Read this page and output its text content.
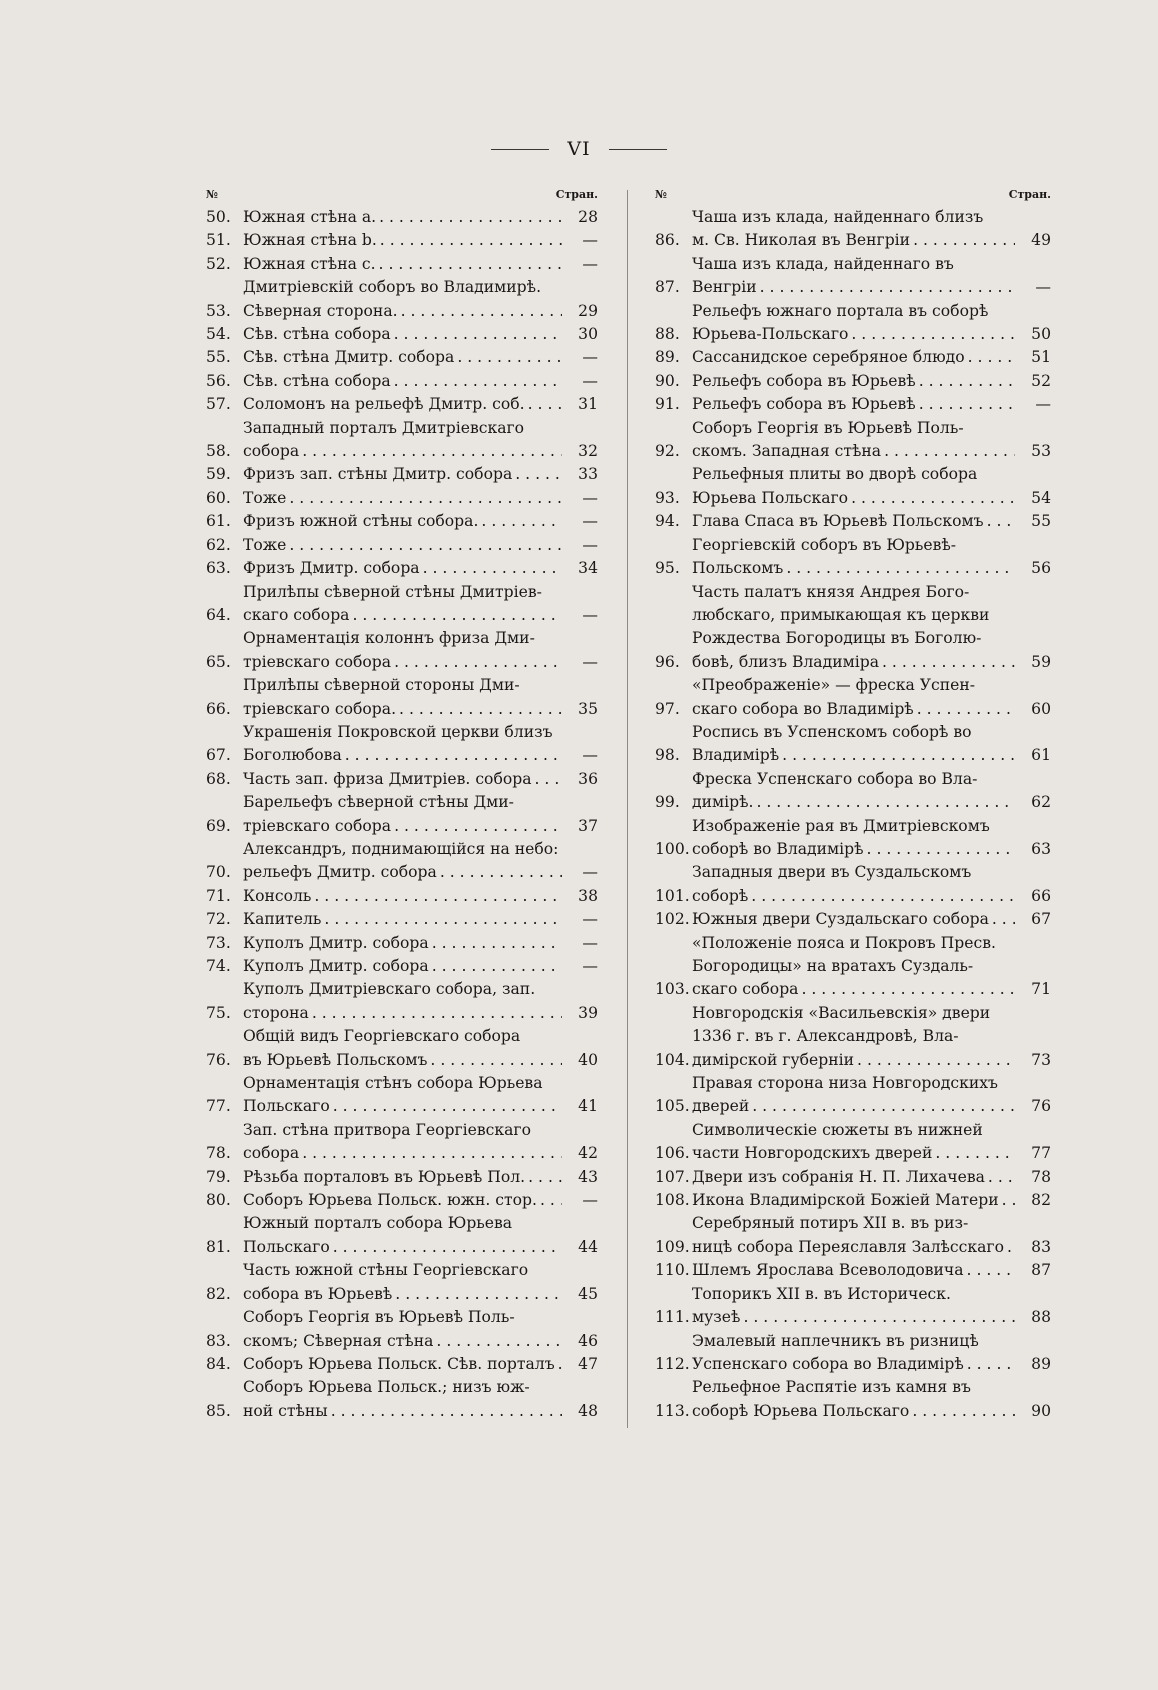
VI
№	Стран.
50. Южная стѣна a. . . .	28
51. Южная стѣна b. . . .	—
52. Южная стѣна c. . . .	—
53.
Дмитріевскій соборъ во Владимирѣ.
Сѣверная сторона. . . .	29
54. Сѣв. стѣна собора . . .	30
55. Сѣв. стѣна Дмитр. собора . . .	—
56. Сѣв. стѣна собора . . .	—
57. Соломонъ на рельефѣ Дмитр. соб. . . .	31
58.
Западный порталъ Дмитріевскаго
собора . . .	32
59. Фризъ зап. стѣны Дмитр. собора . . .	33
60. Тоже . . .	—
61. Фризъ южной стѣны собора. . . .	—
62. Тоже . . .	—
63. Фризъ Дмитр. собора . . .	34
64.
Прилѣпы сѣверной стѣны Дмитріев-
скаго собора . . .	—
65.
Орнаментація колоннъ фриза Дми-
тріевскаго собора . . .	—
66.
Прилѣпы сѣверной стороны Дми-
тріевскаго собора. . . .	35
67.
Украшенія Покровской церкви близъ
Боголюбова . . .	—
68. Часть зап. фриза Дмитріев. собора . . .	36
69.
Барельефъ сѣверной стѣны Дми-
тріевскаго собора . . .	37
70.
Александръ, поднимающійся на небо:
рельефъ Дмитр. собора . . .	—
71. Консоль . . .	38
72. Капитель . . .	—
73. Куполъ Дмитр. собора . . .	—
74. Куполъ Дмитр. собора . . .	—
75.
Куполъ Дмитріевскаго собора, зап.
сторона . . .	39
76.
Общій видъ Георгіевскаго собора
въ Юрьевѣ Польскомъ . . .	40
77.
Орнаментація стѣнъ собора Юрьева
Польскаго . . .	41
78.
Зап. стѣна притвора Георгіевскаго
собора . . .	42
79. Рѣзьба порталовъ въ Юрьевѣ Пол. . . .	43
80. Соборъ Юрьева Польск. южн. стор. . . .	—
81.
Южный порталъ собора Юрьева
Польскаго . . .	44
82.
Часть южной стѣны Георгіевскаго
собора въ Юрьевѣ . . .	45
83.
Соборъ Георгія въ Юрьевѣ Поль-
скомъ; Сѣверная стѣна . . .	46
84. Соборъ Юрьева Польск. Сѣв. порталъ . . .	47
85.
Соборъ Юрьева Польск.; низъ юж-
ной стѣны . . .	48
№	Стран.
86.
Чаша изъ клада, найденнаго близъ
м. Св. Николая въ Венгріи . . .	49
87.
Чаша изъ клада, найденнаго въ
Венгріи . . .	—
88.
Рельефъ южнаго портала въ соборѣ
Юрьева-Польскаго . . .	50
89. Сассанидское серебряное блюдо . . .	51
90. Рельефъ собора въ Юрьевѣ . . .	52
91. Рельефъ собора въ Юрьевѣ . . .	—
92.
Соборъ Георгія въ Юрьевѣ Поль-
скомъ. Западная стѣна . . .	53
93.
Рельефныя плиты во дворѣ собора
Юрьева Польскаго . . .	54
94. Глава Спаса въ Юрьевѣ Польскомъ . . .	55
95.
Георгіевскій соборъ въ Юрьевѣ-
Польскомъ . . .	56
96.
Часть палатъ князя Андрея Бого-
любскаго, примыкающая къ церкви
Рождества Богородицы въ Боголю-
бовѣ, близъ Владиміра . . .	59
97.
«Преображеніе» — фреска Успен-
скаго собора во Владимірѣ . . .	60
98.
Роспись въ Успенскомъ соборѣ во
Владимірѣ . . .	61
99.
Фреска Успенскаго собора во Вла-
димірѣ. . . .	62
100.
Изображеніе рая въ Дмитріевскомъ
соборѣ во Владимірѣ . . .	63
101.
Западныя двери въ Суздальскомъ
соборѣ . . .	66
102. Южныя двери Суздальскаго собора . . .	67
103.
«Положеніе пояса и Покровъ Пресв.
Богородицы» на вратахъ Суздаль-
скаго собора . . .	71
104.
Новгородскія «Васильевскія» двери
1336 г. въ г. Александровѣ, Вла-
димірской губерніи . . .	73
105.
Правая сторона низа Новгородскихъ
дверей . . .	76
106.
Символическіе сюжеты въ нижней
части Новгородскихъ дверей . . .	77
107. Двери изъ собранія Н. П. Лихачева . . .	78
108. Икона Владимірской Божіей Матери . . .	82
109.
Серебряный потиръ XII в. въ риз-
ницѣ собора Переяславля Залѣсскаго . . .	83
110. Шлемъ Ярослава Всеволодовича . . .	87
111.
Топорикъ XII в. въ Историческ.
музеѣ . . .	88
112.
Эмалевый наплечникъ въ ризницѣ
Успенскаго собора во Владимірѣ . . .	89
113.
Рельефное Распятіе изъ камня въ
соборѣ Юрьева Польскаго . . .	90
